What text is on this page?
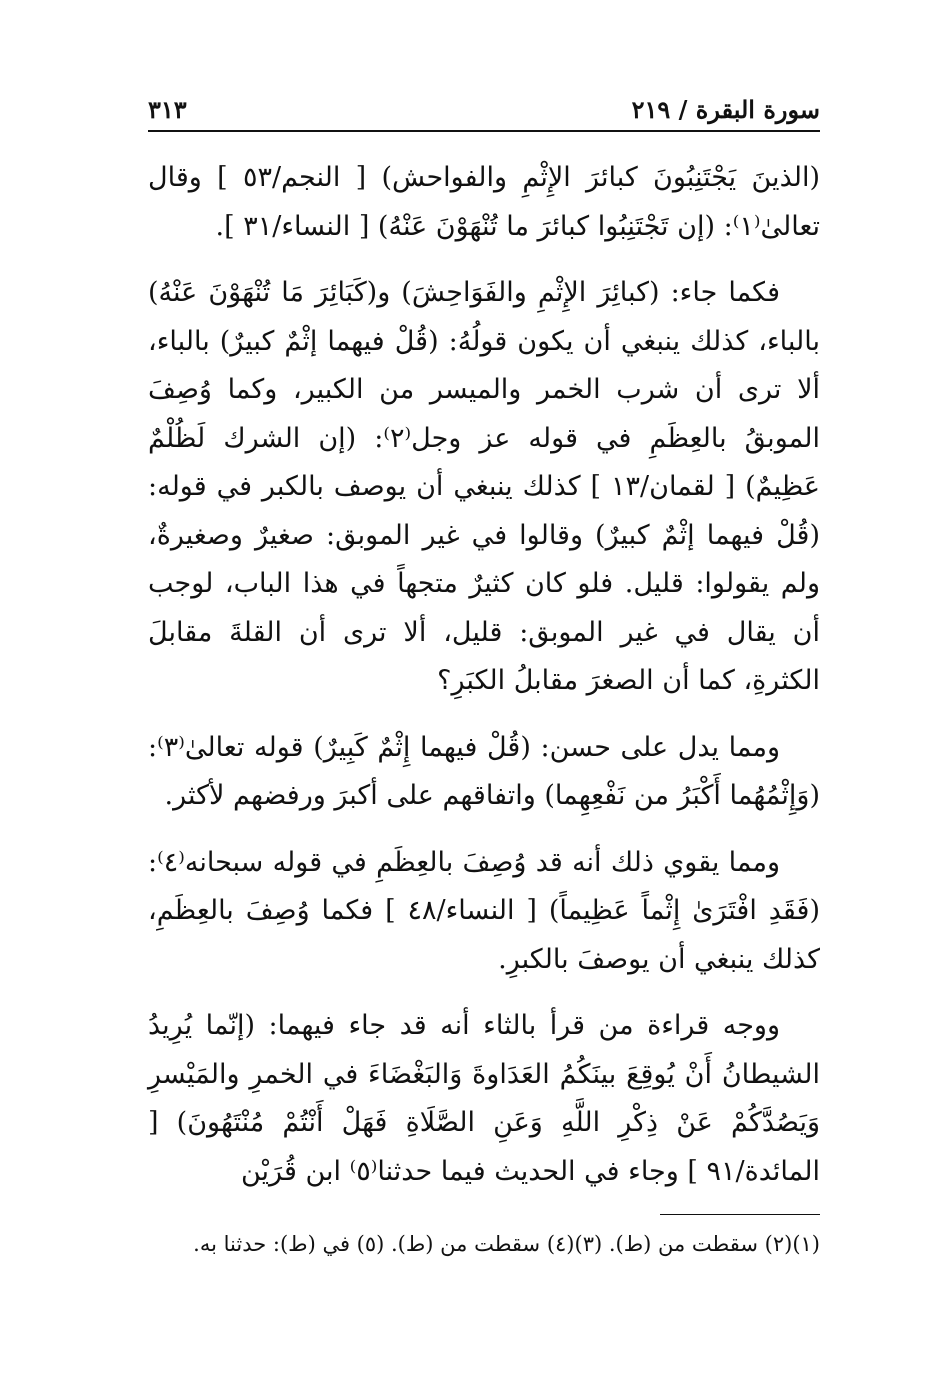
سورة البقرة / ٢١٩
٣١٣

(الذينَ يَجْتَنِبُونَ كبائرَ الإِثْمِ والفواحش) [ النجم/٥٣ ] وقال تعالىٰ⁽١⁾: (إن تَجْتَنِبُوا كبائرَ ما تُنْهَوْنَ عَنْهُ) [ النساء/٣١ ].

فكما جاء: (كبائِرَ الإِثْمِ والفَوَاحِشَ) و(كَبَائِرَ مَا تُنْهَوْنَ عَنْهُ) بالباء، كذلك ينبغي أن يكون قولُهُ: (قُلْ فيهما إثْمٌ كبيرٌ) بالباء، ألا ترى أن شرب الخمر والميسر من الكبير، وكما وُصِفَ الموبقُ بالعِظَمِ في قوله عز وجل⁽٢⁾: (إن الشرك لَظُلْمٌ عَظِيمٌ) [ لقمان/١٣ ] كذلك ينبغي أن يوصف بالكبر في قوله: (قُلْ فيهما إثْمٌ كبيرٌ) وقالوا في غير الموبق: صغيرٌ وصغيرةٌ، ولم يقولوا: قليل. فلو كان كثيرٌ متجهاً في هذا الباب، لوجب أن يقال في غير الموبق: قليل، ألا ترى أن القلةَ مقابلَ الكثرةِ، كما أن الصغرَ مقابلُ الكبَرِ؟

ومما يدل على حسن: (قُلْ فيهما إِثْمٌ كَبِيرٌ) قوله تعالىٰ⁽٣⁾: (وَإِثْمُهُما أَكْبَرُ من نَفْعِهِما) واتفاقهم على أكبرَ ورفضهم لأكثر.

ومما يقوي ذلك أنه قد وُصِفَ بالعِظَمِ في قوله سبحانه⁽٤⁾: (فَقَدِ افْتَرَىٰ إِثْماً عَظِيماً) [ النساء/٤٨ ] فكما وُصِفَ بالعِظَمِ، كذلك ينبغي أن يوصفَ بالكبرِ.

ووجه قراءة من قرأ بالثاء أنه قد جاء فيهما: (إنّما يُرِيدُ الشيطانُ أَنْ يُوقِعَ بينَكُمُ العَدَاوةَ وَالبَغْضَاءَ في الخمرِ والمَيْسرِ وَيَصُدَّكُمْ عَنْ ذِكْرِ اللَّهِ وَعَنِ الصَّلَاةِ فَهَلْ أَنْتُمْ مُنْتَهُونَ) [ المائدة/٩١ ] وجاء في الحديث فيما حدثنا⁽٥⁾ ابن قُرَيْن

(١)(٢) سقطت من (ط). (٣)(٤) سقطت من (ط). (٥) في (ط): حدثنا به.
